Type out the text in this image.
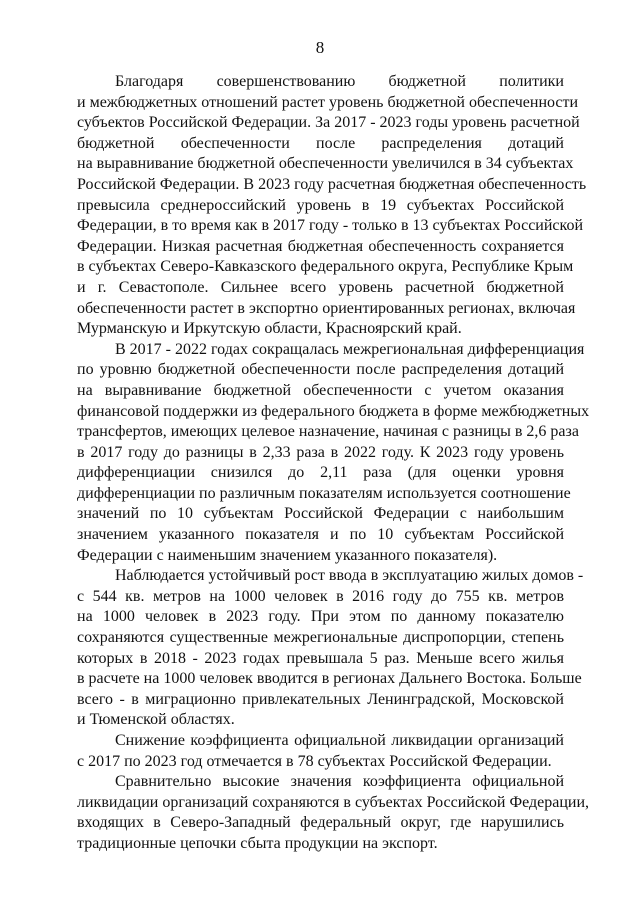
8
Благодаря совершенствованию бюджетной политики
и межбюджетных отношений растет уровень бюджетной обеспеченности
субъектов Российской Федерации. За 2017 - 2023 годы уровень расчетной
бюджетной обеспеченности после распределения дотаций
на выравнивание бюджетной обеспеченности увеличился в 34 субъектах
Российской Федерации. В 2023 году расчетная бюджетная обеспеченность
превысила среднероссийский уровень в 19 субъектах Российской
Федерации, в то время как в 2017 году - только в 13 субъектах Российской
Федерации. Низкая расчетная бюджетная обеспеченность сохраняется
в субъектах Северо-Кавказского федерального округа, Республике Крым
и г. Севастополе. Сильнее всего уровень расчетной бюджетной
обеспеченности растет в экспортно ориентированных регионах, включая
Мурманскую и Иркутскую области, Красноярский край.
В 2017 - 2022 годах сокращалась межрегиональная дифференциация
по уровню бюджетной обеспеченности после распределения дотаций
на выравнивание бюджетной обеспеченности с учетом оказания
финансовой поддержки из федерального бюджета в форме межбюджетных
трансфертов, имеющих целевое назначение, начиная с разницы в 2,6 раза
в 2017 году до разницы в 2,33 раза в 2022 году. К 2023 году уровень
дифференциации снизился до 2,11 раза (для оценки уровня
дифференциации по различным показателям используется соотношение
значений по 10 субъектам Российской Федерации с наибольшим
значением указанного показателя и по 10 субъектам Российской
Федерации с наименьшим значением указанного показателя).
Наблюдается устойчивый рост ввода в эксплуатацию жилых домов -
с 544 кв. метров на 1000 человек в 2016 году до 755 кв. метров
на 1000 человек в 2023 году. При этом по данному показателю
сохраняются существенные межрегиональные диспропорции, степень
которых в 2018 - 2023 годах превышала 5 раз. Меньше всего жилья
в расчете на 1000 человек вводится в регионах Дальнего Востока. Больше
всего - в миграционно привлекательных Ленинградской, Московской
и Тюменской областях.
Снижение коэффициента официальной ликвидации организаций
с 2017 по 2023 год отмечается в 78 субъектах Российской Федерации.
Сравнительно высокие значения коэффициента официальной
ликвидации организаций сохраняются в субъектах Российской Федерации,
входящих в Северо-Западный федеральный округ, где нарушились
традиционные цепочки сбыта продукции на экспорт.
